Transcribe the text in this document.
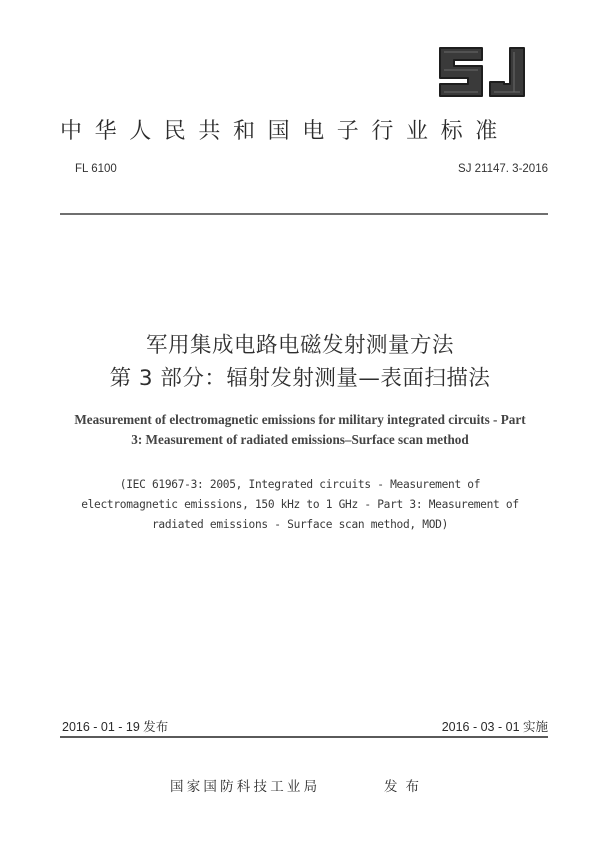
中华人民共和国电子行业标准
FL 6100	SJ 21147. 3-2016
军用集成电路电磁发射测量方法
第 3 部分：辐射发射测量—表面扫描法
Measurement of electromagnetic emissions for military integrated circuits - Part
3: Measurement of radiated emissions–Surface scan method
(IEC 61967-3: 2005, Integrated circuits - Measurement of
electromagnetic emissions, 150 kHz to 1 GHz - Part 3: Measurement of
radiated emissions - Surface scan method, MOD)
2016 - 01 - 19 发布	2016 - 03 - 01 实施
国家国防科技工业局	发布
